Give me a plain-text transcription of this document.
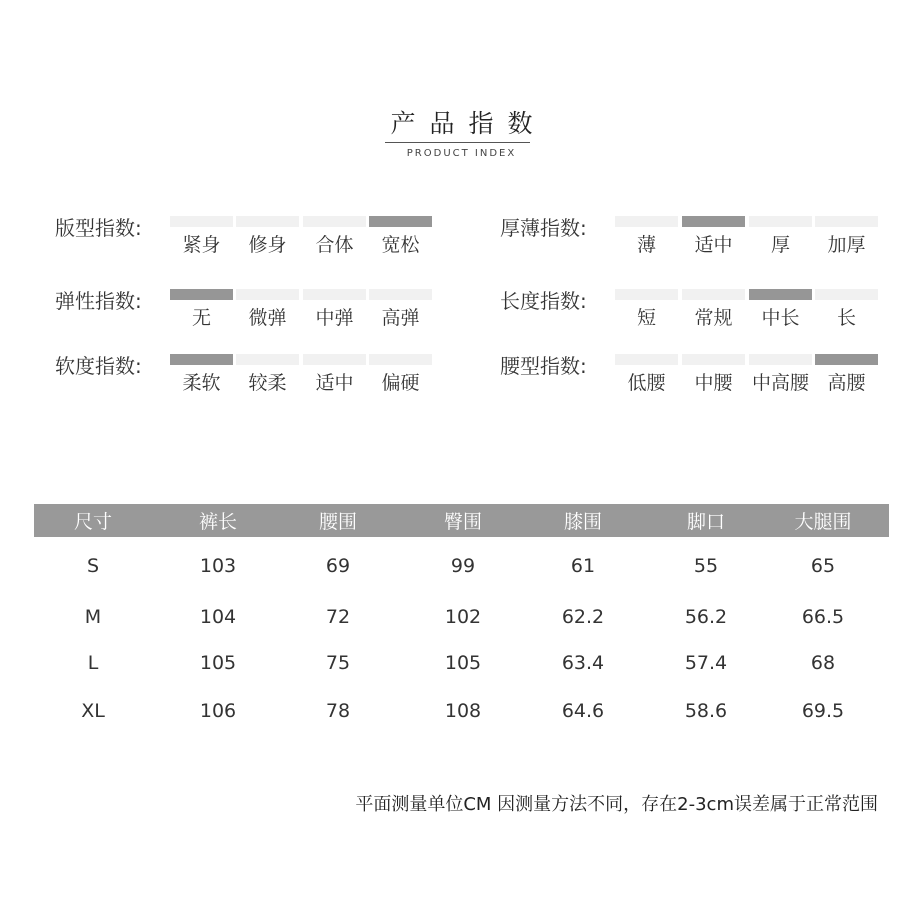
产品指数
PRODUCT INDEX
版型指数:
紧身	修身	合体	宽松
弹性指数:
无	微弹	中弹	高弹
软度指数:
柔软	较柔	适中	偏硬
厚薄指数:
薄	适中	厚	加厚
长度指数:
短	常规	中长	长
腰型指数:
低腰	中腰	中高腰 高腰
尺寸	裤长	腰围	臀围	膝围	脚口	大腿围
S	103	69	99	61	55	65
M	104	72	102	62.2	56.2	66.5
L	105	75	105	63.4	57.4	68
XL	106	78	108	64.6	58.6	69.5
平面测量单位CM 因测量方法不同，存在2-3cm误差属于正常范围
